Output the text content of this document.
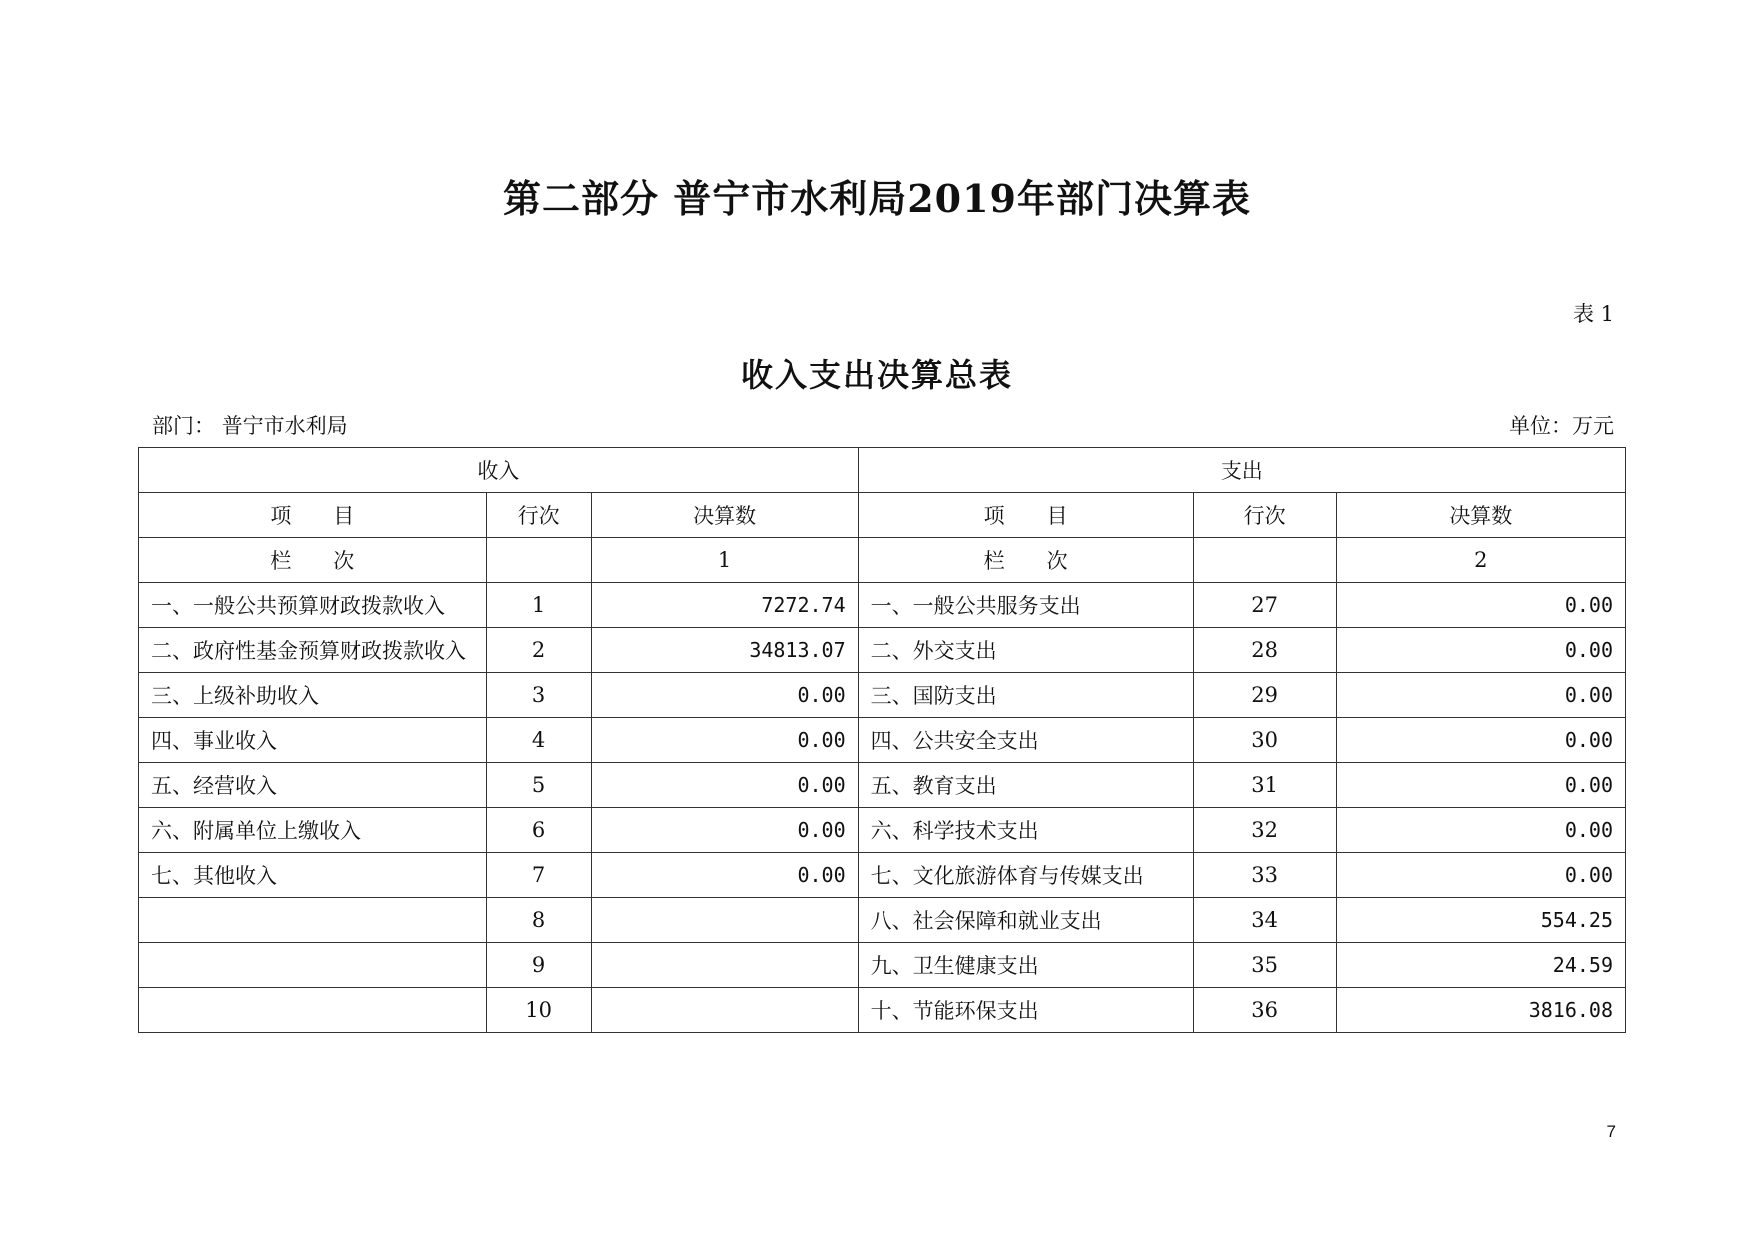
第二部分 普宁市水利局2019年部门决算表
表 1
收入支出决算总表
部门： 普宁市水利局	单位：万元
收入			支出		
项　　目	行次	决算数	项　　目	行次	决算数
栏　　次		1	栏　　次		2
一、一般公共预算财政拨款收入	1	7272.74	一、一般公共服务支出	27	0.00
二、政府性基金预算财政拨款收入	2	34813.07	二、外交支出	28	0.00
三、上级补助收入	3	0.00	三、国防支出	29	0.00
四、事业收入	4	0.00	四、公共安全支出	30	0.00
五、经营收入	5	0.00	五、教育支出	31	0.00
六、附属单位上缴收入	6	0.00	六、科学技术支出	32	0.00
七、其他收入	7	0.00	七、文化旅游体育与传媒支出	33	0.00
	8		八、社会保障和就业支出	34	554.25
	9		九、卫生健康支出	35	24.59
	10		十、节能环保支出	36	3816.08
7
